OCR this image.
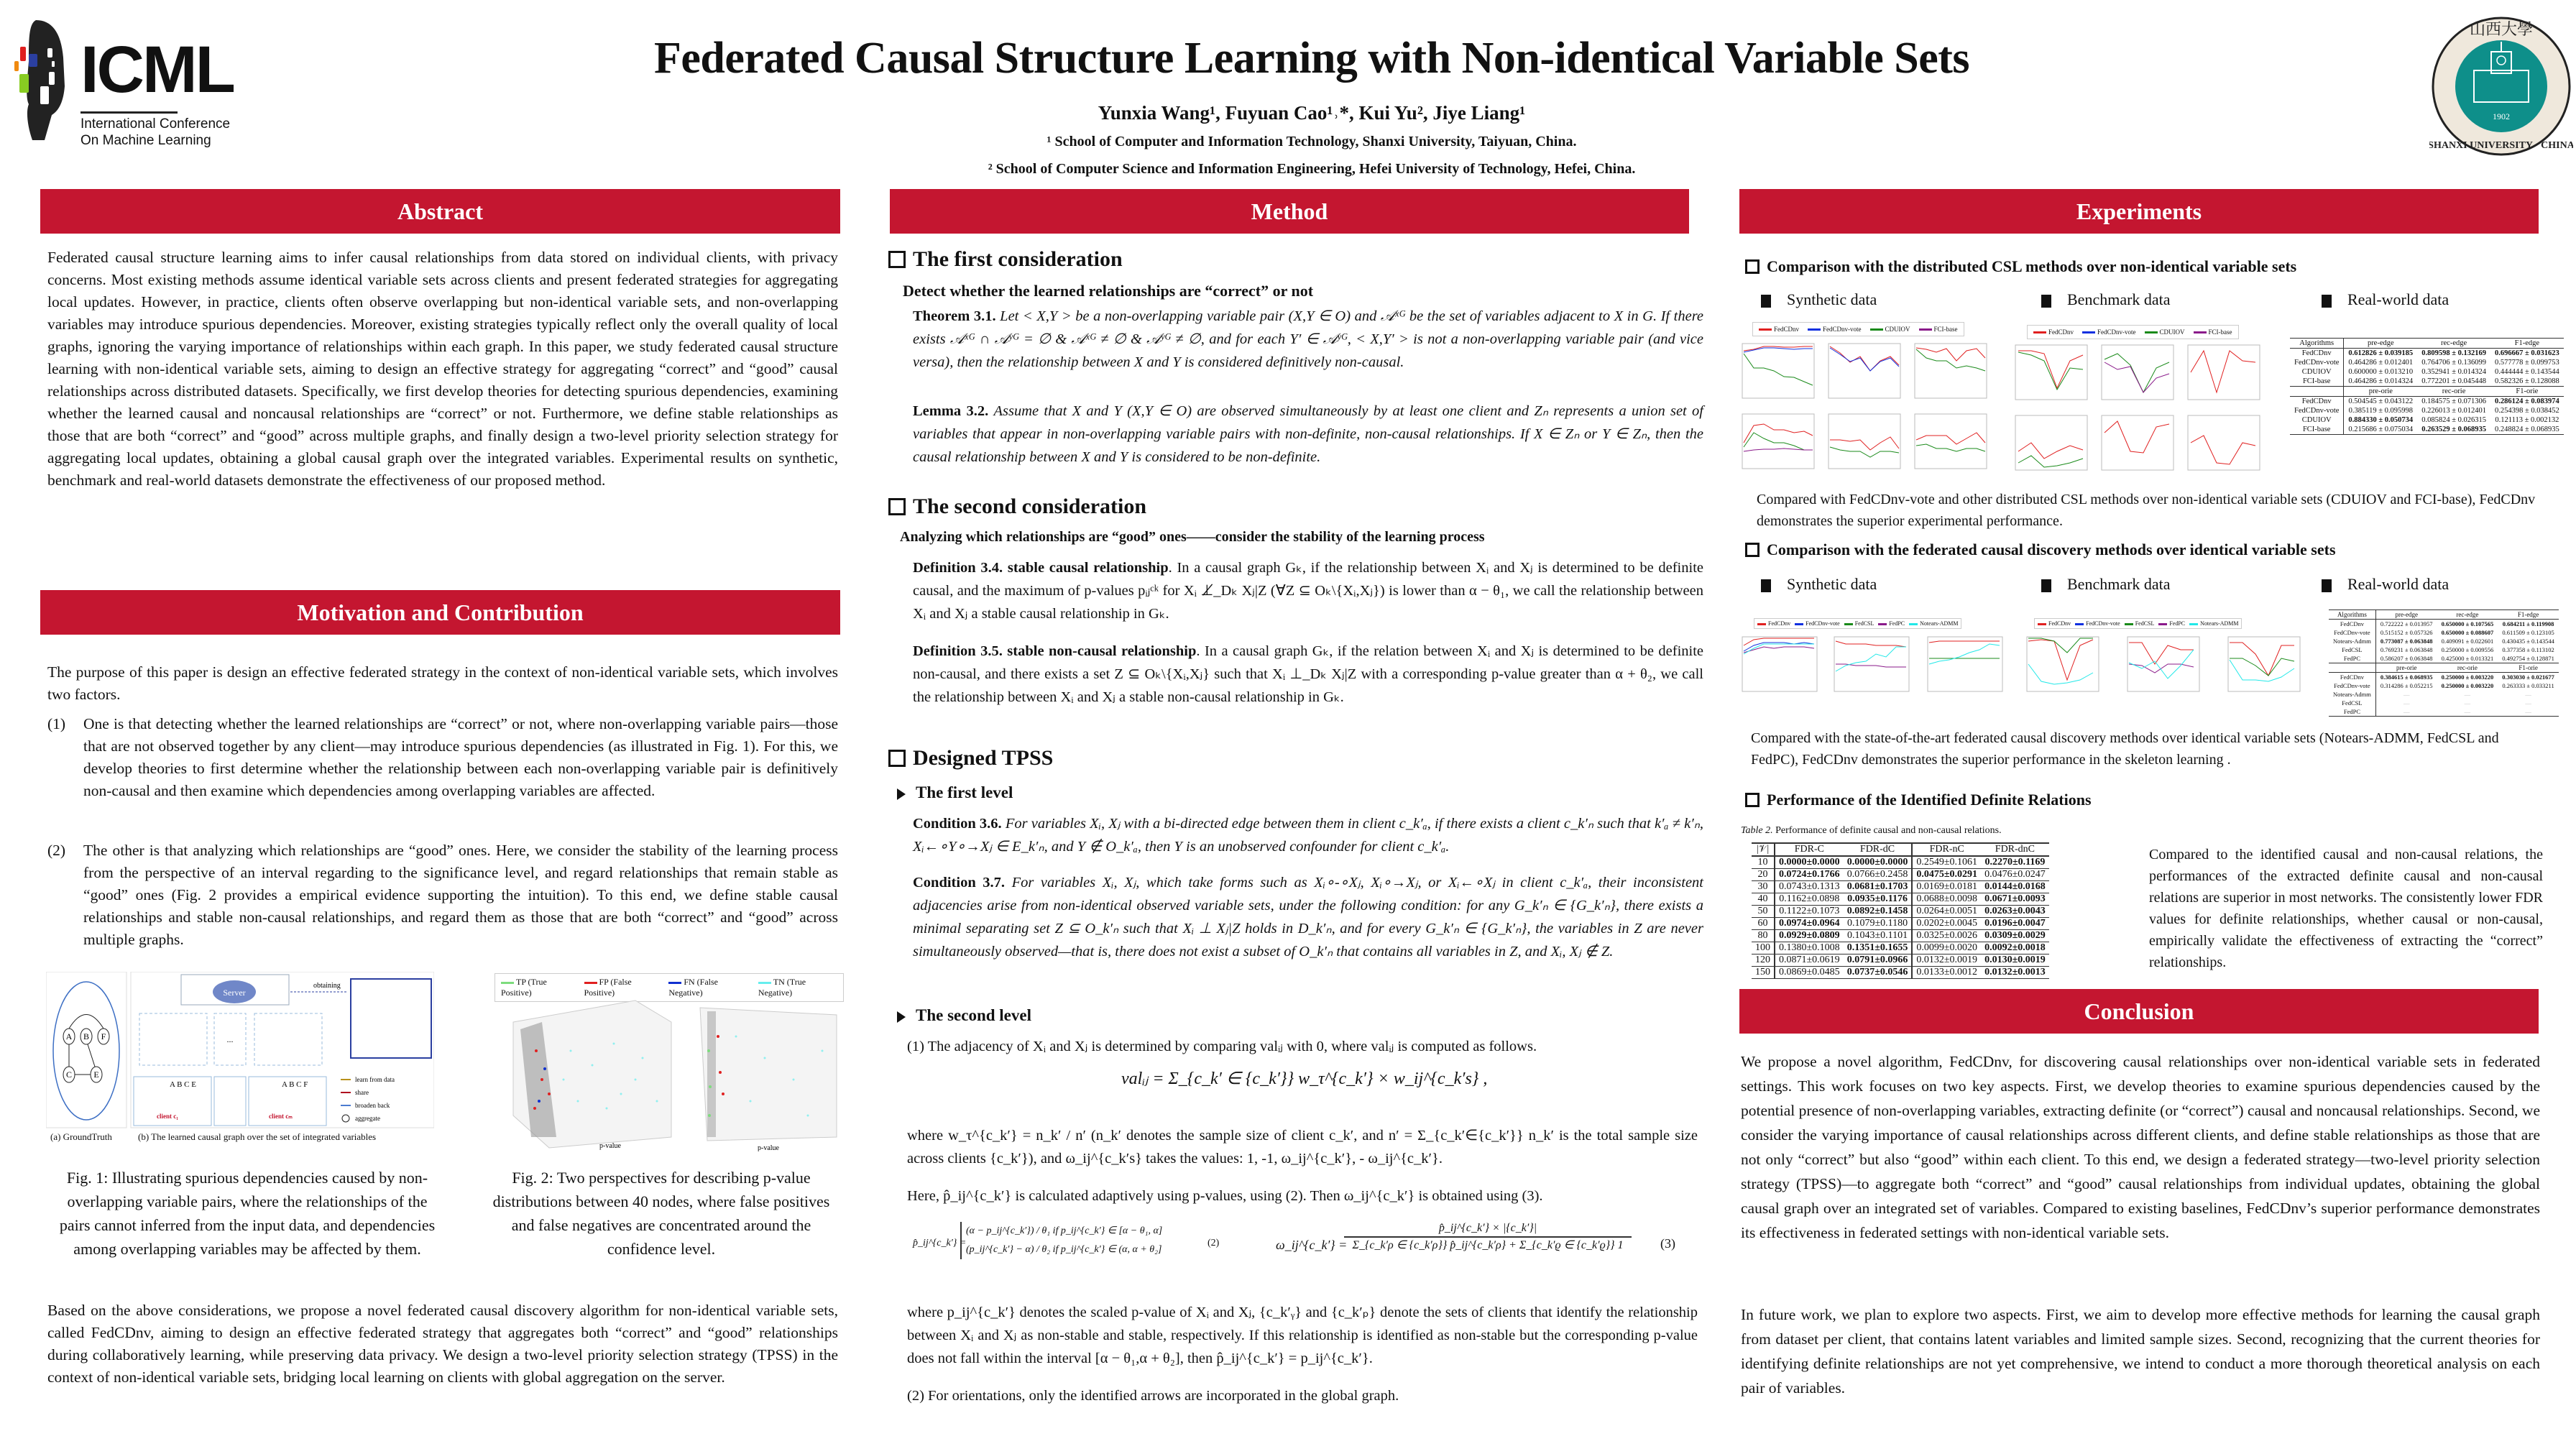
ICML
International Conference
On Machine Learning
Federated Causal Structure Learning with Non-identical Variable Sets
Yunxia Wang¹, Fuyuan Cao¹˒*, Kui Yu², Jiye Liang¹
¹ School of Computer and Information Technology, Shanxi University, Taiyuan, China.
² School of Computer Science and Information Engineering, Hefei University of Technology, Hefei, China.
1902
山西大學
SHANXI UNIVERSITY · CHINA
Abstract
Federated causal structure learning aims to infer causal relationships from data stored on individual clients, with privacy concerns. Most existing methods assume identical variable sets across clients and present federated strategies for aggregating local updates. However, in practice, clients often observe overlapping but non-identical variable sets, and non-overlapping variables may introduce spurious dependencies. Moreover, existing strategies typically reflect only the overall quality of local graphs, ignoring the varying importance of relationships within each graph. In this paper, we study federated causal structure learning with non-identical variable sets, aiming to design an effective strategy for aggregating “correct” and “good” causal relationships across distributed datasets. Specifically, we first develop theories for detecting spurious dependencies, examining whether the learned causal and noncausal relationships are “correct” or not. Furthermore, we define stable relationships as those that are both “correct” and “good” across multiple graphs, and finally design a two-level priority selection strategy for aggregating local updates, obtaining a global causal graph over the integrated variables. Experimental results on synthetic, benchmark and real-world datasets demonstrate the effectiveness of our proposed method.
Motivation and Contribution
The purpose of this paper is design an effective federated strategy in the context of non-identical variable sets, which involves two factors.
(1)	One is that detecting whether the learned relationships are “correct” or not, where non-overlapping variable pairs—those that are not observed together by any client—may introduce spurious dependencies (as illustrated in Fig. 1). For this, we develop theories to first determine whether the relationship between each non-overlapping variable pair is definitively non-causal and then examine which dependencies among overlapping variables are affected.
(2)	The other is that analyzing which relationships are “good” ones. Here, we consider the stability of the learning process from the perspective of an interval regarding to the significance level, and regard relationships that remain stable as “good” ones (Fig. 2 provides a empirical evidence supporting the intuition). To this end, we define stable causal relationships and stable non-causal relationships, and regard them as those that are both “correct” and “good” across multiple graphs.
A B F
C	E
Server
obtaining
...
client c₁	client cₘ
A B C E	A B C F
learn from data
share
broaden back
aggregate
(a) GroundTruth	(b) The learned causal graph over the set of integrated variables
Fig. 1: Illustrating spurious dependencies caused by non-overlapping variable pairs, where the relationships of the pairs cannot inferred from the input data, and dependencies among overlapping variables may be affected by them.
TP (True Positive)
FP (False Positive)
FN (False Negative)
TN (True Negative)
p-value	p-value
Fig. 2: Two perspectives for describing p-value distributions between 40 nodes, where false positives and false negatives are concentrated around the confidence level.
Based on the above considerations, we propose a novel federated causal discovery algorithm for non-identical variable sets, called FedCDnv, aiming to design an effective federated strategy that aggregates both “correct” and “good” relationships during collaboratively learning, while preserving data privacy. We design a two-level priority selection strategy (TPSS) in the context of non-identical variable sets, bridging local learning on clients with global aggregation on the server.
Method
The first consideration
Detect whether the learned relationships are “correct” or not
Theorem 3.1. Let < X,Y > be a non-overlapping variable pair (X,Y ∈ O) and 𝒜ˣᴳ be the set of variables adjacent to X in G. If there exists 𝒜ˣᴳ ∩ 𝒜ʸᴳ = ∅ & 𝒜ˣᴳ ≠ ∅ & 𝒜ʸᴳ ≠ ∅, and for each Y′ ∈ 𝒜ʸᴳ, < X,Y′ > is not a non-overlapping variable pair (and vice versa), then the relationship between X and Y is considered definitively non-causal.
Lemma 3.2. Assume that X and Y (X,Y ∈ O) are observed simultaneously by at least one client and Zₙ represents a union set of variables that appear in non-overlapping variable pairs with non-definite, non-causal relationships. If X ∈ Zₙ or Y ∈ Zₙ, then the causal relationship between X and Y is considered to be non-definite.
The second consideration
Analyzing which relationships are “good” ones——consider the stability of the learning process
Definition 3.4. stable causal relationship. In a causal graph Gₖ, if the relationship between Xᵢ and Xⱼ is determined to be definite causal, and the maximum of p-values pᵢⱼᶜᵏ for Xᵢ ⊥̸_Dₖ Xⱼ|Z (∀Z ⊆ Oₖ\{Xᵢ,Xⱼ}) is lower than α − θ₁, we call the relationship between Xᵢ and Xⱼ a stable causal relationship in Gₖ.
Definition 3.5. stable non-causal relationship. In a causal graph Gₖ, if the relation between Xᵢ and Xⱼ is determined to be definite non-causal, and there exists a set Z ⊆ Oₖ\{Xᵢ,Xⱼ} such that Xᵢ ⊥_Dₖ Xⱼ|Z with a corresponding p-value greater than α + θ₂, we call the relationship between Xᵢ and Xⱼ a stable non-causal relationship in Gₖ.
Designed TPSS
The first level
Condition 3.6. For variables Xᵢ, Xⱼ with a bi-directed edge between them in client c_k′ₐ, if there exists a client c_k′ₙ such that k′ₐ ≠ k′ₙ, Xᵢ←∘Y∘→Xⱼ ∈ E_k′ₙ, and Y ∉ O_k′ₐ, then Y is an unobserved confounder for client c_k′ₐ.
Condition 3.7. For variables Xᵢ, Xⱼ, which take forms such as Xᵢ∘-∘Xⱼ, Xᵢ∘→Xⱼ, or Xᵢ←∘Xⱼ in client c_k′ₐ, their inconsistent adjacencies arise from non-identical observed variable sets, under the following condition: for any G_k′ₙ ∈ {G_k′ₙ}, there exists a minimal separating set Z ⊆ O_k′ₙ such that Xᵢ ⊥ Xⱼ|Z holds in D_k′ₙ, and for every G_k′ₙ ∈ {G_k′ₙ}, the variables in Z are never simultaneously observed—that is, there does not exist a subset of O_k′ₙ that contains all variables in Z, and Xᵢ, Xⱼ ∉ Z.
The second level
(1) The adjacency of Xᵢ and Xⱼ is determined by comparing valᵢⱼ with 0, where valᵢⱼ is computed as follows.
valᵢⱼ = Σ_{c_k′ ∈ {c_k′}} w_τ^{c_k′} × w_ij^{c_k′s} ,
where w_τ^{c_k′} = n_k′ / n′ (n_k′ denotes the sample size of client c_k′, and n′ = Σ_{c_k′∈{c_k′}} n_k′ is the total sample size across clients {c_k′}), and ω_ij^{c_k′s} takes the values: 1, -1, ω_ij^{c_k′}, - ω_ij^{c_k′}.
Here, p̂_ij^{c_k′} is calculated adaptively using p-values, using (2). Then ω_ij^{c_k′} is obtained using (3).
p̂_ij^{c_k′} =
(α − p_ij^{c_k′}) / θ₁ if p_ij^{c_k′} ∈ [α − θ₁, α]
(p_ij^{c_k′} − α) / θ₂ if p_ij^{c_k′} ∈ (α, α + θ₂]
(2)	ω_ij^{c_k′} =
p̂_ij^{c_k′} × |{c_k′}|
Σ_{c_k′ρ ∈ {c_k′ρ}} p̂_ij^{c_k′ρ} + Σ_{c_k′ϱ ∈ {c_k′ϱ}} 1	(3)
where p_ij^{c_k′} denotes the scaled p-value of Xᵢ and Xⱼ, {c_k′ᵧ} and {c_k′ₚ} denote the sets of clients that identify the relationship between Xᵢ and Xⱼ as non-stable and stable, respectively. If this relationship is identified as non-stable but the corresponding p-value does not fall within the interval [α − θ₁,α + θ₂], then p̂_ij^{c_k′} = p_ij^{c_k′}.
(2) For orientations, only the identified arrows are incorporated in the global graph.
Experiments
Comparison with the distributed CSL methods over non-identical variable sets
Synthetic data	Benchmark data	Real-world data
FedCDnv	FedCDnv-vote	CDUIOV	FCI-base	FedCDnv	FedCDnv-vote	CDUIOV	FCI-base
Algorithms	pre-edge	rec-edge	F1-edge
FedCDnv	0.612826 ± 0.039185	0.809598 ± 0.132169	0.696667 ± 0.031623
FedCDnv-vote	0.464286 ± 0.012401	0.764706 ± 0.136099	0.577778 ± 0.099753
CDUIOV	0.600000 ± 0.013210	0.352941 ± 0.014324	0.444444 ± 0.143544
FCI-base	0.464286 ± 0.014324	0.772201 ± 0.045448	0.582326 ± 0.128088
	pre-orie	rec-orie	F1-orie
FedCDnv	0.504545 ± 0.043122	0.184575 ± 0.071306	0.286124 ± 0.083974
FedCDnv-vote	0.385119 ± 0.095998	0.226013 ± 0.012401	0.254398 ± 0.038452
CDUIOV	0.884330 ± 0.050734	0.085824 ± 0.026315	0.121113 ± 0.002132
FCI-base	0.215686 ± 0.075034	0.263529 ± 0.068935	0.248824 ± 0.068935
Compared with FedCDnv-vote and other distributed CSL methods over non-identical variable sets (CDUIOV and FCI-base), FedCDnv demonstrates the superior experimental performance.
Comparison with the federated causal discovery methods over identical variable sets
Synthetic data	Benchmark data	Real-world data
FedCDnv	FedCDnv-vote	FedCSL	FedPC	Notears-ADMM	FedCDnv	FedCDnv-vote	FedCSL	FedPC	Notears-ADMM
Algorithms	pre-edge	rec-edge	F1-edge
FedCDnv	0.722222 ± 0.013957	0.650000 ± 0.107565	0.684211 ± 0.119908
FedCDnv-vote	0.515152 ± 0.057326	0.650000 ± 0.088607	0.611509 ± 0.123105
Notears-Admm	0.773087 ± 0.063848	0.409091 ± 0.022601	0.430435 ± 0.143544
FedCSL	0.769231 ± 0.063848	0.250000 ± 0.009556	0.377358 ± 0.113102
FedPC	0.586207 ± 0.063848	0.425000 ± 0.013321	0.492754 ± 0.128871
	pre-orie	rec-orie	F1-orie
FedCDnv	0.384615 ± 0.068935	0.250000 ± 0.003220	0.303030 ± 0.021677
FedCDnv-vote	0.314286 ± 0.052215	0.250000 ± 0.003220	0.263333 ± 0.033211
Notears-Admm	—	—	—
FedCSL	—	—	—
FedPC	—	—	—
Compared with the state-of-the-art federated causal discovery methods over identical variable sets (Notears-ADMM, FedCSL and FedPC), FedCDnv demonstrates the superior performance in the skeleton learning .
Performance of the Identified Definite Relations
Table 2. Performance of definite causal and non-causal relations.
|𝒱|	FDR-C	FDR-dC	FDR-nC	FDR-dnC
10	0.0000±0.0000	0.0000±0.0000	0.2549±0.1061	0.2270±0.1169
20	0.0724±0.1766	0.0766±0.2458	0.0475±0.0291	0.0476±0.0247
30	0.0743±0.1313	0.0681±0.1703	0.0169±0.0181	0.0144±0.0168
40	0.1162±0.0898	0.0935±0.1176	0.0688±0.0098	0.0671±0.0093
50	0.1122±0.1073	0.0892±0.1458	0.0264±0.0051	0.0263±0.0043
60	0.0974±0.0964	0.1079±0.1180	0.0202±0.0045	0.0196±0.0047
80	0.0929±0.0809	0.1043±0.1101	0.0325±0.0026	0.0309±0.0029
100	0.1380±0.1008	0.1351±0.1655	0.0099±0.0020	0.0092±0.0018
120	0.0871±0.0619	0.0791±0.0966	0.0132±0.0019	0.0130±0.0019
150	0.0869±0.0485	0.0737±0.0546	0.0133±0.0012	0.0132±0.0013
Compared to the identified causal and non-causal relations, the performances of the extracted definite causal and non-causal relations are superior in most networks. The consistently lower FDR values for definite relationships, whether causal or non-causal, empirically validate the effectiveness of extracting the “correct” relationships.
Conclusion
We propose a novel algorithm, FedCDnv, for discovering causal relationships over non-identical variable sets in federated settings. This work focuses on two key aspects. First, we develop theories to examine spurious dependencies caused by the potential presence of non-overlapping variables, extracting definite (or “correct”) causal and noncausal relationships. Second, we consider the varying importance of causal relationships across different clients, and define stable relationships as those that are not only “correct” but also “good” within each client. To this end, we design a federated strategy—two-level priority selection strategy (TPSS)—to aggregate both “correct” and “good” causal relationships from individual updates, obtaining the global causal graph over an integrated set of variables. Compared to existing baselines, FedCDnv’s superior performance demonstrates its effectiveness in federated settings with non-identical variable sets.
In future work, we plan to explore two aspects. First, we aim to develop more effective methods for learning the causal graph from dataset per client, that contains latent variables and limited sample sizes. Second, recognizing that the current theories for identifying definite relationships are not yet comprehensive, we intend to conduct a more thorough theoretical analysis on each pair of variables.
